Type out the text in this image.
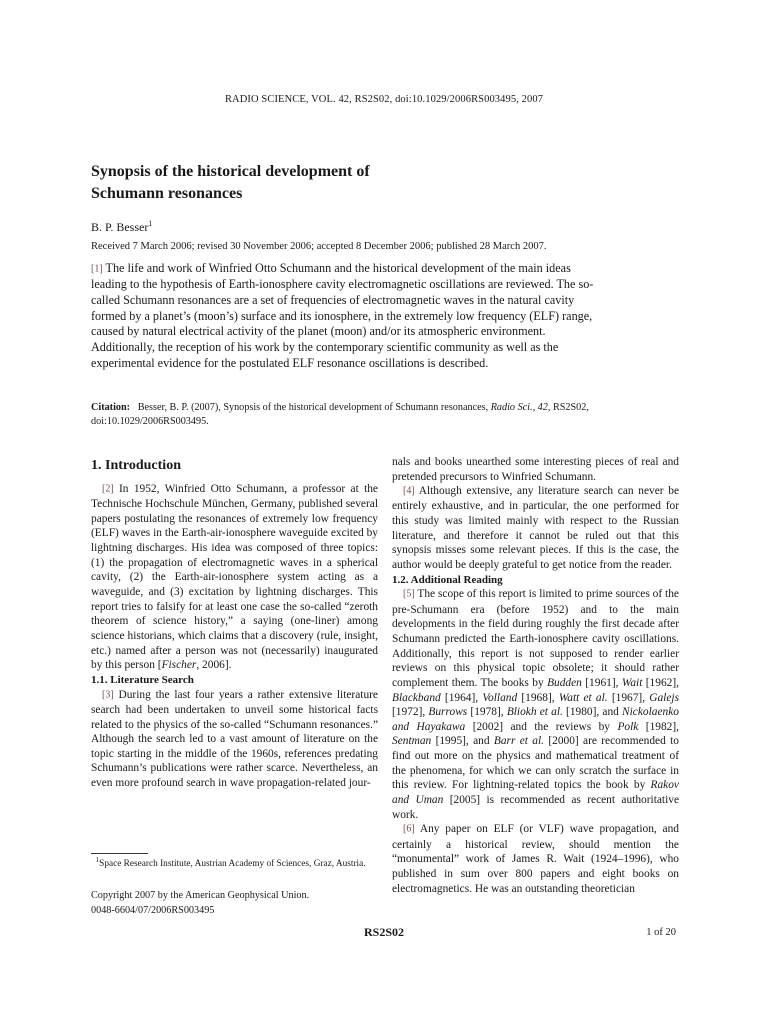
RADIO SCIENCE, VOL. 42, RS2S02, doi:10.1029/2006RS003495, 2007
Synopsis of the historical development of
Schumann resonances
B. P. Besser$^1$
Received 7 March 2006; revised 30 November 2006; accepted 8 December 2006; published 28 March 2007.
[1] The life and work of Winfried Otto Schumann and the historical development of the main ideas leading to the hypothesis of Earth-ionosphere cavity electromagnetic oscillations are reviewed. The so-called Schumann resonances are a set of frequencies of electromagnetic waves in the natural cavity formed by a planet’s (moon’s) surface and its ionosphere, in the extremely low frequency (ELF) range, caused by natural electrical activity of the planet (moon) and/or its atmospheric environment. Additionally, the reception of his work by the contemporary scientific community as well as the experimental evidence for the postulated ELF resonance oscillations is described.
Citation: Besser, B. P. (2007), Synopsis of the historical development of Schumann resonances, Radio Sci., 42, RS2S02, doi:10.1029/2006RS003495.
1. Introduction

[2] In 1952, Winfried Otto Schumann, a professor at the Technische Hochschule München, Germany, published several papers postulating the resonances of extremely low frequency (ELF) waves in the Earth-air-ionosphere waveguide excited by lightning discharges. His idea was composed of three topics: (1) the propagation of electromagnetic waves in a spherical cavity, (2) the Earth-air-ionosphere system acting as a waveguide, and (3) excitation by lightning discharges. This report tries to falsify for at least one case the so-called “zeroth theorem of science history,” a saying (one-liner) among science historians, which claims that a discovery (rule, insight, etc.) named after a person was not (necessarily) inaugurated by this person [Fischer, 2006].

1.1. Literature Search

[3] During the last four years a rather extensive literature search had been undertaken to unveil some historical facts related to the physics of the so-called “Schumann resonances.” Although the search led to a vast amount of literature on the topic starting in the middle of the 1960s, references predating Schumann’s publications were rather scarce. Nevertheless, an even more profound search in wave propagation-related jour-

nals and books unearthed some interesting pieces of real and pretended precursors to Winfried Schumann.

[4] Although extensive, any literature search can never be entirely exhaustive, and in particular, the one performed for this study was limited mainly with respect to the Russian literature, and therefore it cannot be ruled out that this synopsis misses some relevant pieces. If this is the case, the author would be deeply grateful to get notice from the reader.

1.2. Additional Reading

[5] The scope of this report is limited to prime sources of the pre-Schumann era (before 1952) and to the main developments in the field during roughly the first decade after Schumann predicted the Earth-ionosphere cavity oscillations. Additionally, this report is not supposed to render earlier reviews on this physical topic obsolete; it should rather complement them. The books by Budden [1961], Wait [1962], Blackband [1964], Volland [1968], Watt et al. [1967], Galejs [1972], Burrows [1978], Bliokh et al. [1980], and Nickolaenko and Hayakawa [2002] and the reviews by Polk [1982], Sentman [1995], and Barr et al. [2000] are recommended to find out more on the physics and mathematical treatment of the phenomena, for which we can only scratch the surface in this review. For lightning-related topics the book by Rakov and Uman [2005] is recommended as recent authoritative work.

[6] Any paper on ELF (or VLF) wave propagation, and certainly a historical review, should mention the “monumental” work of James R. Wait (1924–1996), who published in sum over 800 papers and eight books on electromagnetics. He was an outstanding theoretician

$^1$Space Research Institute, Austrian Academy of Sciences, Graz, Austria.
Copyright 2007 by the American Geophysical Union.
0048-6604/07/2006RS003495
RS2S02	1 of 20
